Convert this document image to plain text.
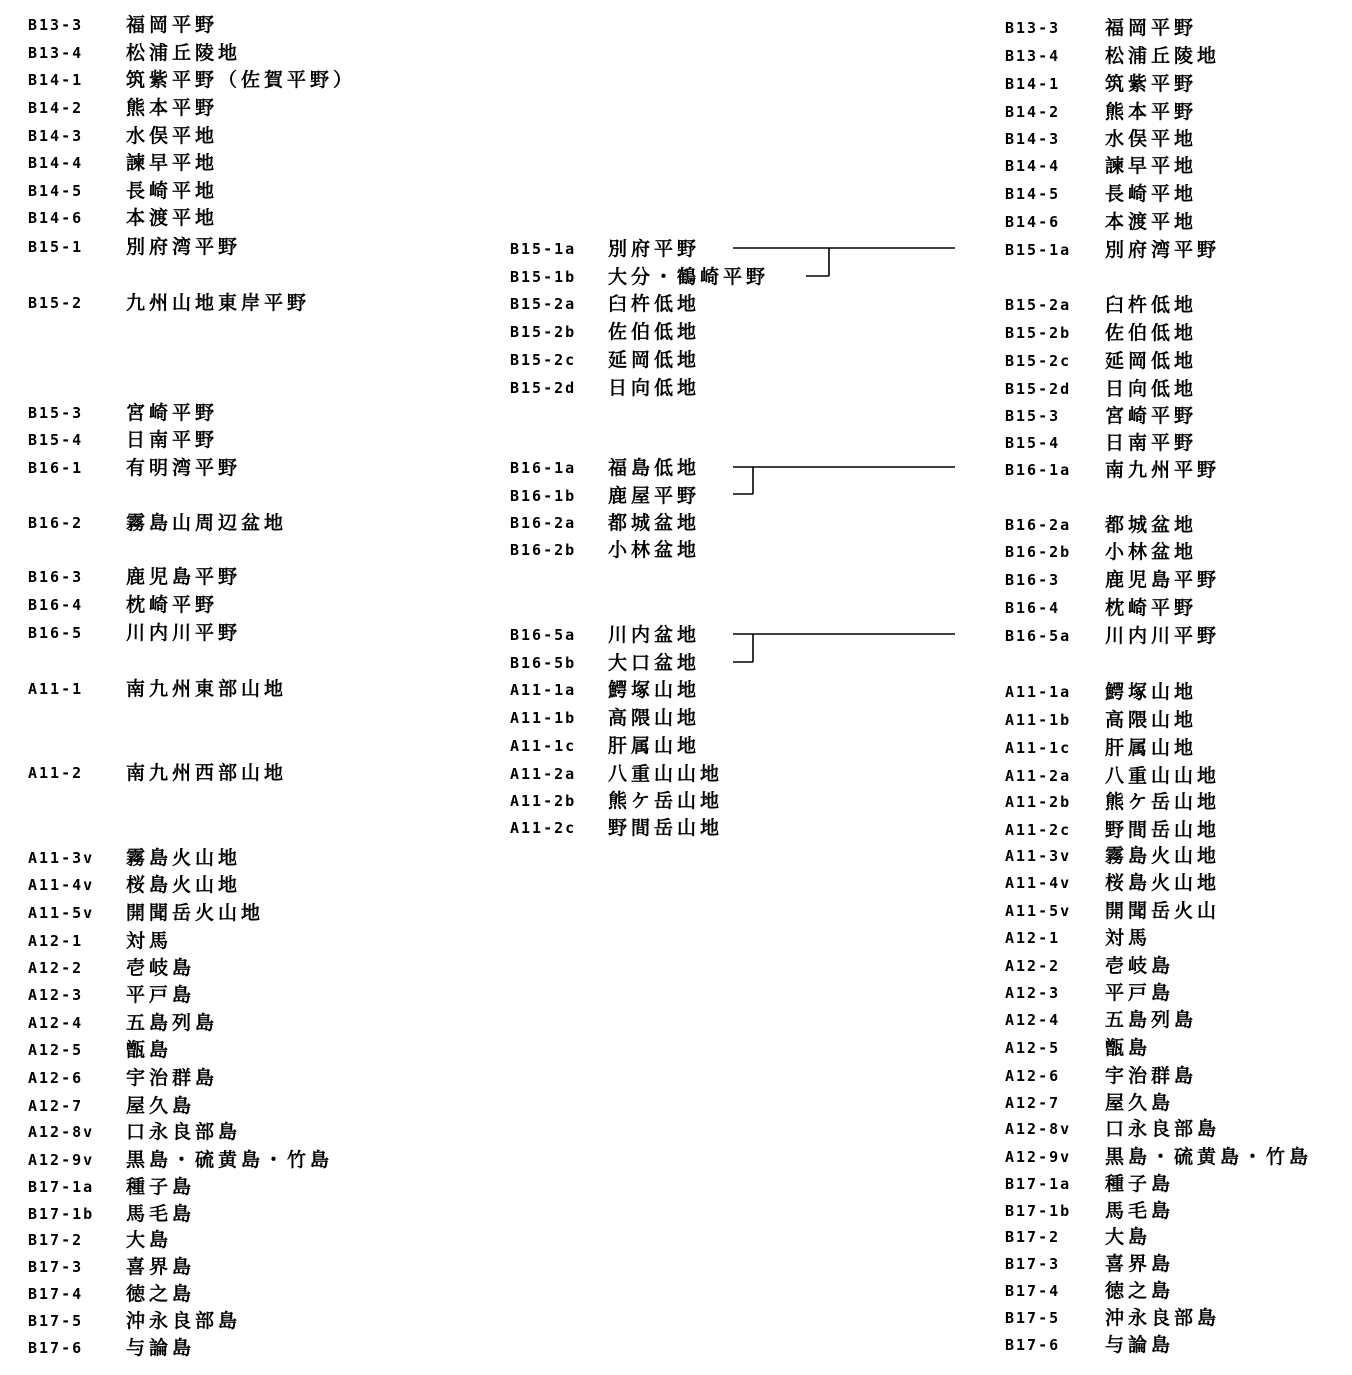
B13-3 福岡平野
B13-4 松浦丘陵地
B14-1 筑紫平野（佐賀平野）
B14-2 熊本平野
B14-3 水俣平地
B14-4 諫早平地
B14-5 長崎平地
B14-6 本渡平地
B15-1 別府湾平野
B15-2 九州山地東岸平野
B15-3 宮崎平野
B15-4 日南平野
B16-1 有明湾平野
B16-2 霧島山周辺盆地
B16-3 鹿児島平野
B16-4 枕崎平野
B16-5 川内川平野
A11-1 南九州東部山地
A11-2 南九州西部山地
A11-3v 霧島火山地
A11-4v 桜島火山地
A11-5v 開聞岳火山地
A12-1 対馬
A12-2 壱岐島
A12-3 平戸島
A12-4 五島列島
A12-5 甑島
A12-6 宇治群島
A12-7 屋久島
A12-8v 口永良部島
A12-9v 黒島・硫黄島・竹島
B17-1a 種子島
B17-1b 馬毛島
B17-2 大島
B17-3 喜界島
B17-4 徳之島
B17-5 沖永良部島
B17-6 与論島
B15-1a 別府平野
B15-1b 大分・鶴崎平野
B15-2a 臼杵低地
B15-2b 佐伯低地
B15-2c 延岡低地
B15-2d 日向低地
B16-1a 福島低地
B16-1b 鹿屋平野
B16-2a 都城盆地
B16-2b 小林盆地
B16-5a 川内盆地
B16-5b 大口盆地
A11-1a 鰐塚山地
A11-1b 高隈山地
A11-1c 肝属山地
A11-2a 八重山山地
A11-2b 熊ケ岳山地
A11-2c 野間岳山地
B13-3 福岡平野
B13-4 松浦丘陵地
B14-1 筑紫平野
B14-2 熊本平野
B14-3 水俣平地
B14-4 諫早平地
B14-5 長崎平地
B14-6 本渡平地
B15-1a 別府湾平野
B15-2a 臼杵低地
B15-2b 佐伯低地
B15-2c 延岡低地
B15-2d 日向低地
B15-3 宮崎平野
B15-4 日南平野
B16-1a 南九州平野
B16-2a 都城盆地
B16-2b 小林盆地
B16-3 鹿児島平野
B16-4 枕崎平野
B16-5a 川内川平野
A11-1a 鰐塚山地
A11-1b 高隈山地
A11-1c 肝属山地
A11-2a 八重山山地
A11-2b 熊ケ岳山地
A11-2c 野間岳山地
A11-3v 霧島火山地
A11-4v 桜島火山地
A11-5v 開聞岳火山
A12-1 対馬
A12-2 壱岐島
A12-3 平戸島
A12-4 五島列島
A12-5 甑島
A12-6 宇治群島
A12-7 屋久島
A12-8v 口永良部島
A12-9v 黒島・硫黄島・竹島
B17-1a 種子島
B17-1b 馬毛島
B17-2 大島
B17-3 喜界島
B17-4 徳之島
B17-5 沖永良部島
B17-6 与論島
